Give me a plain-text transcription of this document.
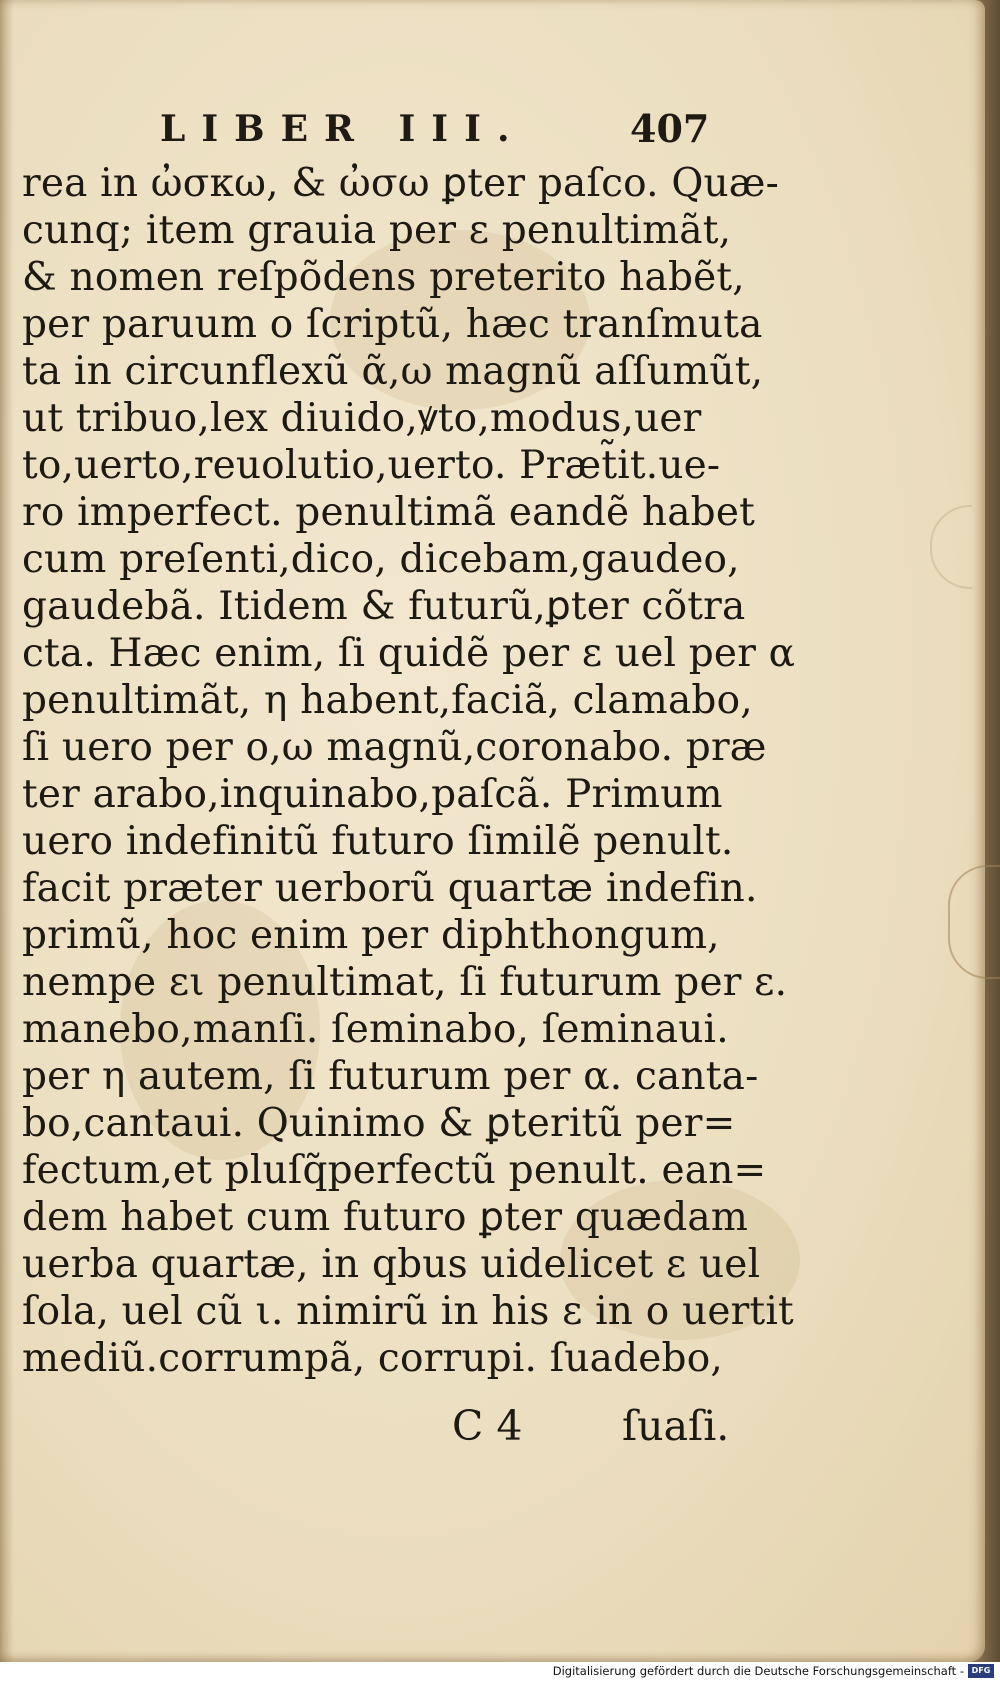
LIBER III.	407
rea in ὠσκω, & ὠσω ꝑter paſco. Quæ-
cunq; item grauia per ε penultimãt,
& nomen reſpõdens preterito habẽt,
per paruum o ſcriptũ, hæc tranſmuta
ta in circunflexũ ᾶ,ω magnũ aſſumũt,
ut tribuo,lex diuido,ꝟto,modus,uer
to,uerto,reuolutio,uerto. Præt̃it.ue-
ro imperfect. penultimã eandẽ habet
cum preſenti,dico, dicebam,gaudeo,
gaudebã. Itidem & futurũ,ꝑter cõtra
cta. Hæc enim, ſi quidẽ per ε uel per α
penultimãt, η habent,faciã, clamabo,
ſi uero per o,ω magnũ,coronabo. præ
ter arabo,inquinabo,paſcã. Primum
uero indefinitũ futuro ſimilẽ penult.
facit præter uerborũ quartæ indefin.
primũ, hoc enim per diphthongum,
nempe ει penultimat, ſi futurum per ε.
manebo,manſi. ſeminabo, ſeminaui.
per η autem, ſi futurum per α. canta-
bo,cantaui. Quinimo & ꝑteritũ per=
fectum,et pluſq̃perfectũ penult. ean=
dem habet cum futuro ꝑter quædam
uerba quartæ, in qbus uidelicet ε uel
ſola, uel cũ ι. nimirũ in his ε in o uertit
mediũ.corrumpã, corrupi. ſuadebo,
C 4 ſuaſi.
Digitalisierung gefördert durch die Deutsche Forschungsgemeinschaft - DFG
